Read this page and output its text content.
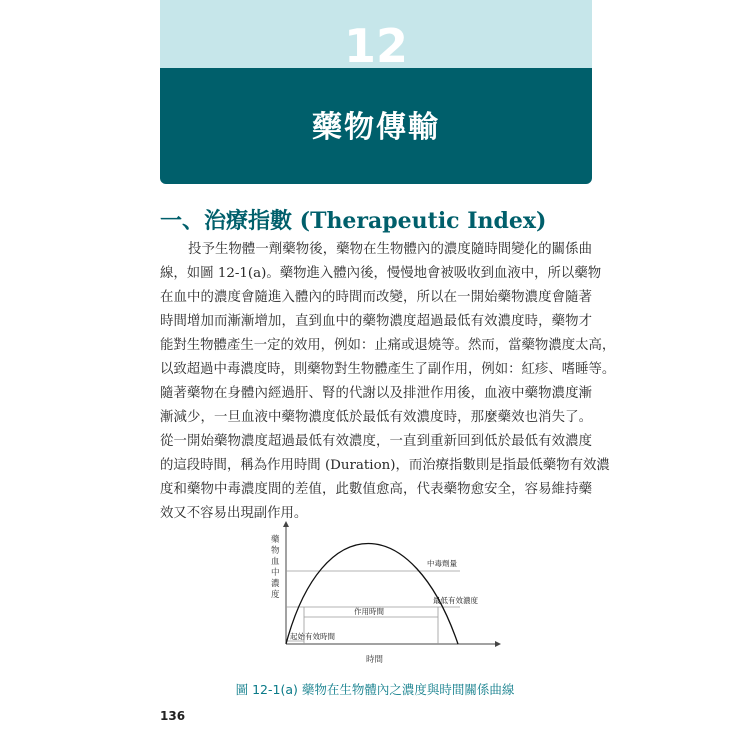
12
藥物傳輸
一、治療指數 (Therapeutic Index)
投予生物體一劑藥物後，藥物在生物體內的濃度隨時間變化的關係曲
線，如圖 12-1(a)。藥物進入體內後，慢慢地會被吸收到血液中，所以藥物
在血中的濃度會隨進入體內的時間而改變，所以在一開始藥物濃度會隨著
時間增加而漸漸增加，直到血中的藥物濃度超過最低有效濃度時，藥物才
能對生物體產生一定的效用，例如：止痛或退燒等。然而，當藥物濃度太高，
以致超過中毒濃度時，則藥物對生物體產生了副作用，例如：紅疹、嗜睡等。
隨著藥物在身體內經過肝、腎的代謝以及排泄作用後，血液中藥物濃度漸
漸減少，一旦血液中藥物濃度低於最低有效濃度時，那麼藥效也消失了。
從一開始藥物濃度超過最低有效濃度，一直到重新回到低於最低有效濃度
的這段時間，稱為作用時間 (Duration)，而治療指數則是指最低藥物有效濃
度和藥物中毒濃度間的差值，此數值愈高，代表藥物愈安全，容易維持藥
效又不容易出現副作用。
藥 物 血 中 濃 度
中毒劑量
最低有效濃度
作用時間
起始有效時間
時間
圖 12-1(a) 藥物在生物體內之濃度與時間關係曲線
136
